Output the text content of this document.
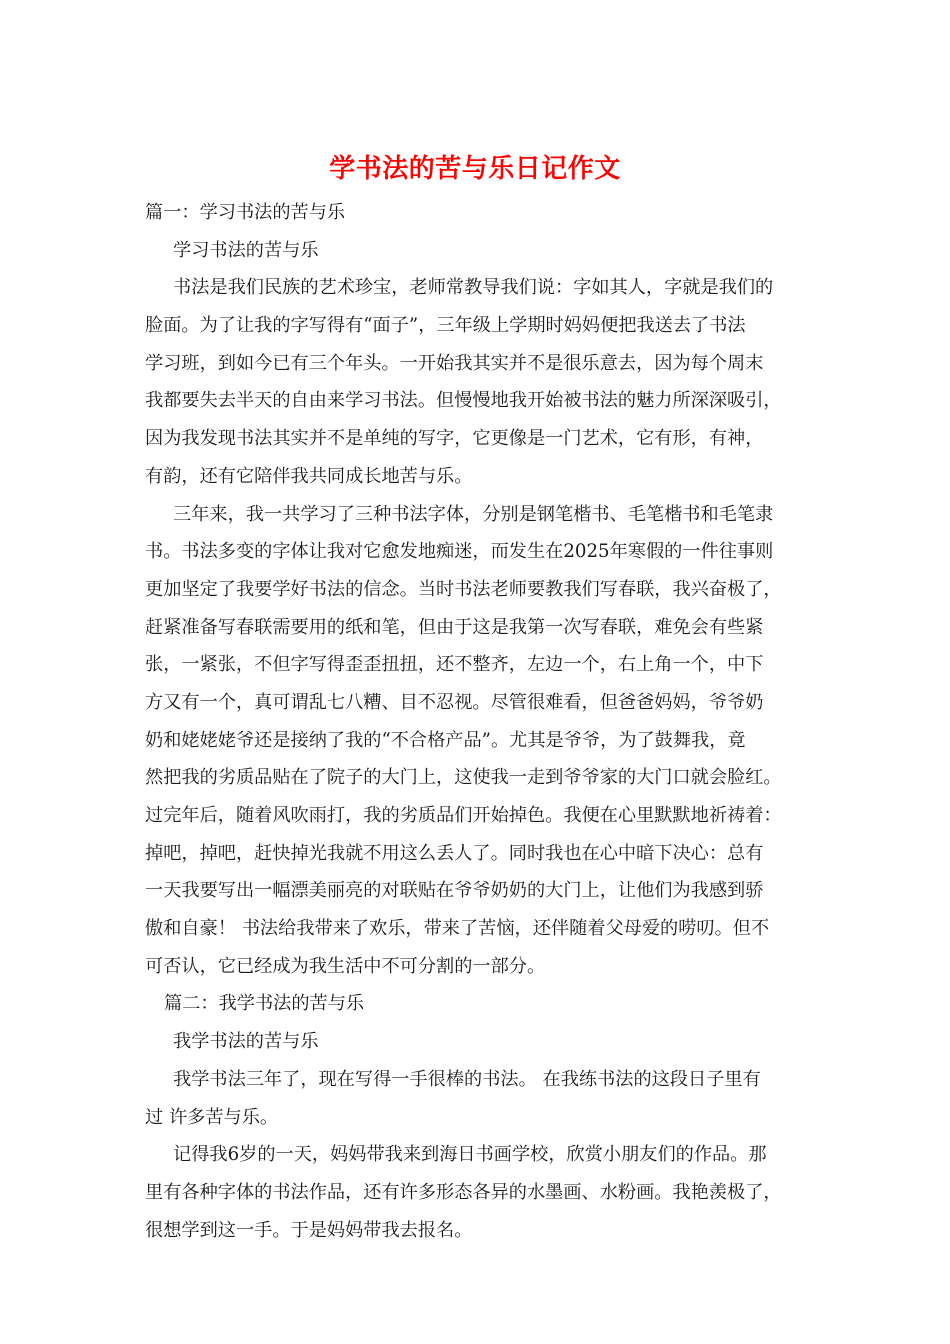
学书法的苦与乐日记作文
篇一：学习书法的苦与乐
学习书法的苦与乐
书法是我们民族的艺术珍宝，老师常教导我们说：字如其人，字就是我们的
脸面。为了让我的字写得有“面子”，三年级上学期时妈妈便把我送去了书法
学习班，到如今已有三个年头。一开始我其实并不是很乐意去，因为每个周末
我都要失去半天的自由来学习书法。但慢慢地我开始被书法的魅力所深深吸引，
因为我发现书法其实并不是单纯的写字，它更像是一门艺术，它有形，有神，
有韵，还有它陪伴我共同成长地苦与乐。
三年来，我一共学习了三种书法字体，分别是钢笔楷书、毛笔楷书和毛笔隶
书。书法多变的字体让我对它愈发地痴迷，而发生在2025年寒假的一件往事则
更加坚定了我要学好书法的信念。当时书法老师要教我们写春联，我兴奋极了，
赶紧准备写春联需要用的纸和笔，但由于这是我第一次写春联，难免会有些紧
张，一紧张，不但字写得歪歪扭扭，还不整齐，左边一个，右上角一个，中下
方又有一个，真可谓乱七八糟、目不忍视。尽管很难看，但爸爸妈妈，爷爷奶
奶和姥姥姥爷还是接纳了我的“不合格产品”。尤其是爷爷，为了鼓舞我，竟
然把我的劣质品贴在了院子的大门上，这使我一走到爷爷家的大门口就会脸红。
过完年后，随着风吹雨打，我的劣质品们开始掉色。我便在心里默默地祈祷着：
掉吧，掉吧，赶快掉光我就不用这么丢人了。同时我也在心中暗下决心：总有
一天我要写出一幅漂美丽亮的对联贴在爷爷奶奶的大门上，让他们为我感到骄
傲和自豪！ 书法给我带来了欢乐，带来了苦恼，还伴随着父母爱的唠叨。但不
可否认，它已经成为我生活中不可分割的一部分。
篇二：我学书法的苦与乐
我学书法的苦与乐
我学书法三年了，现在写得一手很棒的书法。 在我练书法的这段日子里有
过 许多苦与乐。
记得我6岁的一天，妈妈带我来到海日书画学校，欣赏小朋友们的作品。那
里有各种字体的书法作品，还有许多形态各异的水墨画、水粉画。我艳羡极了，
很想学到这一手。于是妈妈带我去报名。
